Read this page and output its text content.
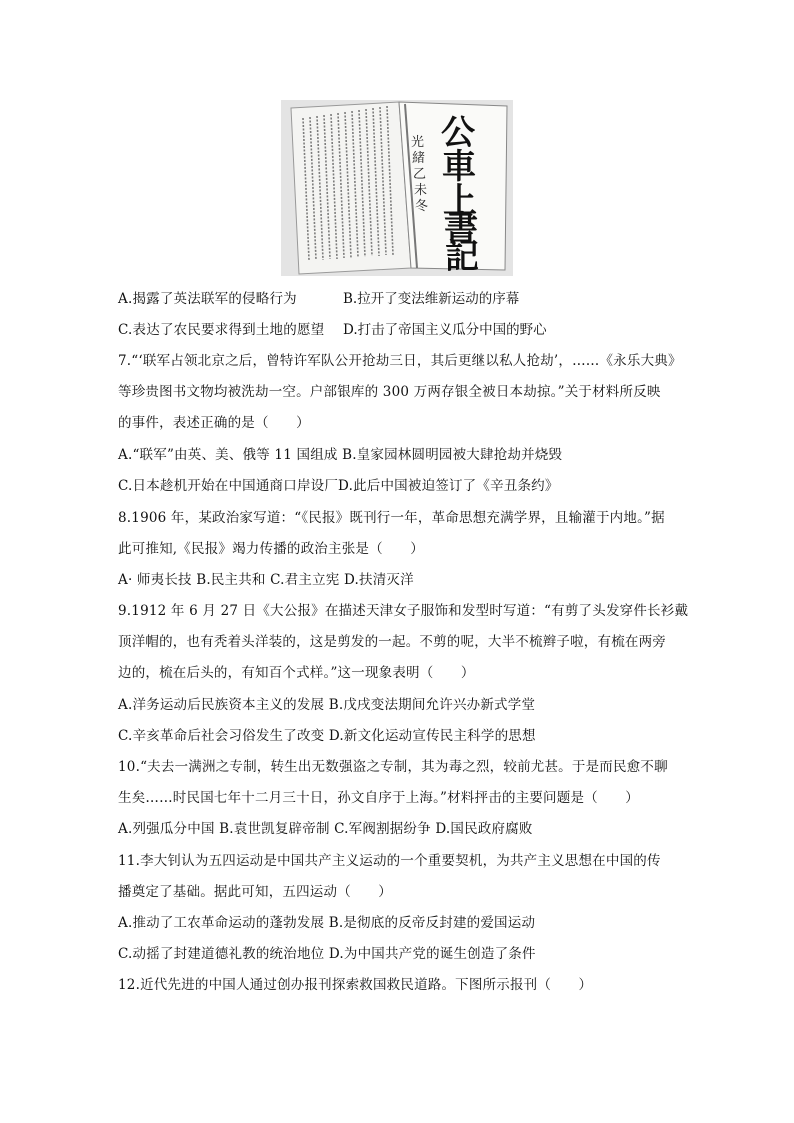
光
緒
乙
未
冬
公
車
上
書
記
A.揭露了英法联军的侵略行为	B.拉开了变法维新运动的序幕
C.表达了农民要求得到土地的愿望 D.打击了帝国主义瓜分中国的野心
7.“‘联军占领北京之后，曾特许军队公开抢劫三日，其后更继以私人抢劫’，……《永乐大典》
等珍贵图书文物均被洗劫一空。户部银库的 300 万两存银全被日本劫掠。”关于材料所反映
的事件，表述正确的是（　　）
A.“联军”由英、美、俄等 11 国组成 B.皇家园林圆明园被大肆抢劫并烧毁
C.日本趁机开始在中国通商口岸设厂D.此后中国被迫签订了《辛丑条约》
8.1906 年，某政治家写道：“《民报》既刊行一年，革命思想充满学界，且输灌于内地。”据
此可推知,《民报》竭力传播的政治主张是（　　）
A· 师夷长技 B.民主共和 C.君主立宪 D.扶清灭洋
9.1912 年 6 月 27 日《大公报》在描述天津女子服饰和发型时写道：“有剪了头发穿件长衫戴
顶洋帽的，也有秃着头洋装的，这是剪发的一起。不剪的呢，大半不梳辫子啦，有梳在两旁
边的，梳在后头的，有知百个式样。”这一现象表明（　　）
A.洋务运动后民族资本主义的发展 B.戊戌变法期间允许兴办新式学堂
C.辛亥革命后社会习俗发生了改变 D.新文化运动宣传民主科学的思想
10.“夫去一满洲之专制，转生出无数强盗之专制，其为毒之烈，较前尤甚。于是而民愈不聊
生矣……时民国七年十二月三十日，孙文自序于上海。”材料抨击的主要问题是（　　）
A.列强瓜分中国 B.袁世凯复辟帝制 C.军阀割据纷争 D.国民政府腐败
11.李大钊认为五四运动是中国共产主义运动的一个重要契机，为共产主义思想在中国的传
播奠定了基础。据此可知，五四运动（　　）
A.推动了工农革命运动的蓬勃发展 B.是彻底的反帝反封建的爱国运动
C.动摇了封建道德礼教的统治地位 D.为中国共产党的诞生创造了条件
12.近代先进的中国人通过创办报刊探索救国救民道路。下图所示报刊（　　）
